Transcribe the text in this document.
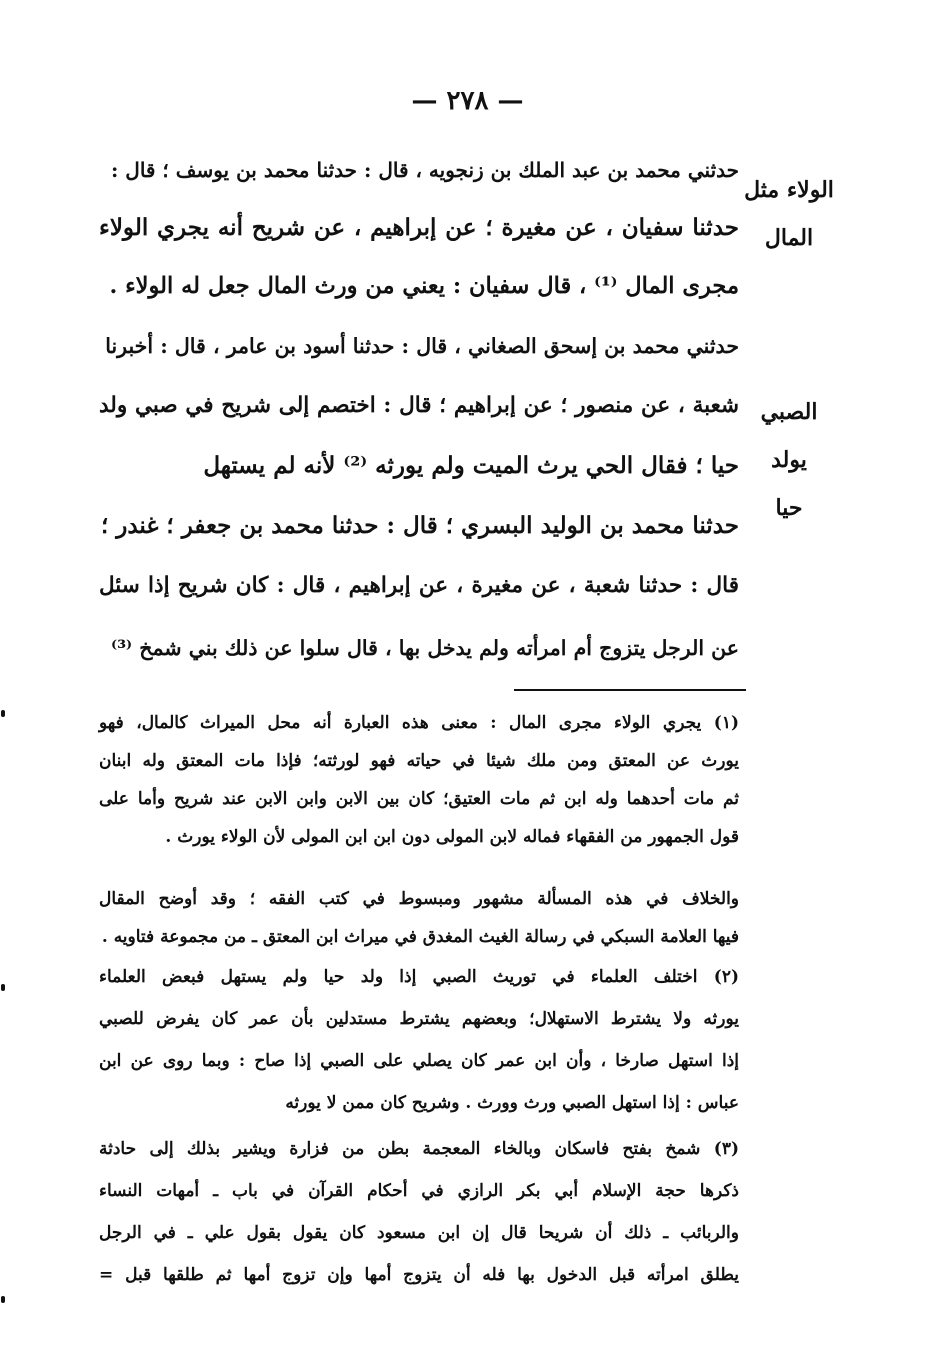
— ٢٧٨ —
الولاء مثل
المال
الصبي يولد
حيا
حدثني محمد بن عبد الملك بن زنجويه ، قال : حدثنا محمد بن يوسف ؛ قال :
حدثنا سفيان ، عن مغيرة ؛ عن إبراهيم ، عن شريح أنه يجري الولاء
مجرى المال ⁽¹⁾ ، قال سفيان : يعني من ورث المال جعل له الولاء .
حدثني محمد بن إسحق الصغاني ، قال : حدثنا أسود بن عامر ، قال : أخبرنا
شعبة ، عن منصور ؛ عن إبراهيم ؛ قال : اختصم إلى شريح في صبي ولد
حيا ؛ فقال الحي يرث الميت ولم يورثه ⁽²⁾ لأنه لم يستهل
حدثنا محمد بن الوليد البسري ؛ قال : حدثنا محمد بن جعفر ؛ غندر ؛
قال : حدثنا شعبة ، عن مغيرة ، عن إبراهيم ، قال : كان شريح إذا سئل
عن الرجل يتزوج أم امرأته ولم يدخل بها ، قال سلوا عن ذلك بني شمخ ⁽³⁾
(١) يجري الولاء مجرى المال : معنى هذه العبارة أنه محل الميراث كالمال، فهو
يورث عن المعتق ومن ملك شيئا في حياته فهو لورثته؛ فإذا مات المعتق وله ابنان
ثم مات أحدهما وله ابن ثم مات العتيق؛ كان بين الابن وابن الابن عند شريح وأما على
قول الجمهور من الفقهاء فماله لابن المولى دون ابن ابن المولى لأن الولاء يورث .
والخلاف في هذه المسألة مشهور ومبسوط في كتب الفقه ؛ وقد أوضح المقال
فيها العلامة السبكي في رسالة الغيث المغدق في ميراث ابن المعتق ـ من مجموعة فتاويه .
(٢) اختلف العلماء في توريث الصبي إذا ولد حيا ولم يستهل فبعض العلماء
يورثه ولا يشترط الاستهلال؛ وبعضهم يشترط مستدلين بأن عمر كان يفرض للصبي
إذا استهل صارخا ، وأن ابن عمر كان يصلي على الصبي إذا صاح : وبما روى عن ابن
عباس : إذا استهل الصبي ورث وورث . وشريح كان ممن لا يورثه
(٣) شمخ بفتح فاسكان وبالخاء المعجمة بطن من فزارة ويشير بذلك إلى حادثة
ذكرها حجة الإسلام أبي بكر الرازي في أحكام القرآن في باب ـ أمهات النساء
والربائب ـ ذلك أن شريحا قال إن ابن مسعود كان يقول بقول علي ـ في الرجل
يطلق امرأته قبل الدخول بها فله أن يتزوج أمها وإن تزوج أمها ثم طلقها قبل =
